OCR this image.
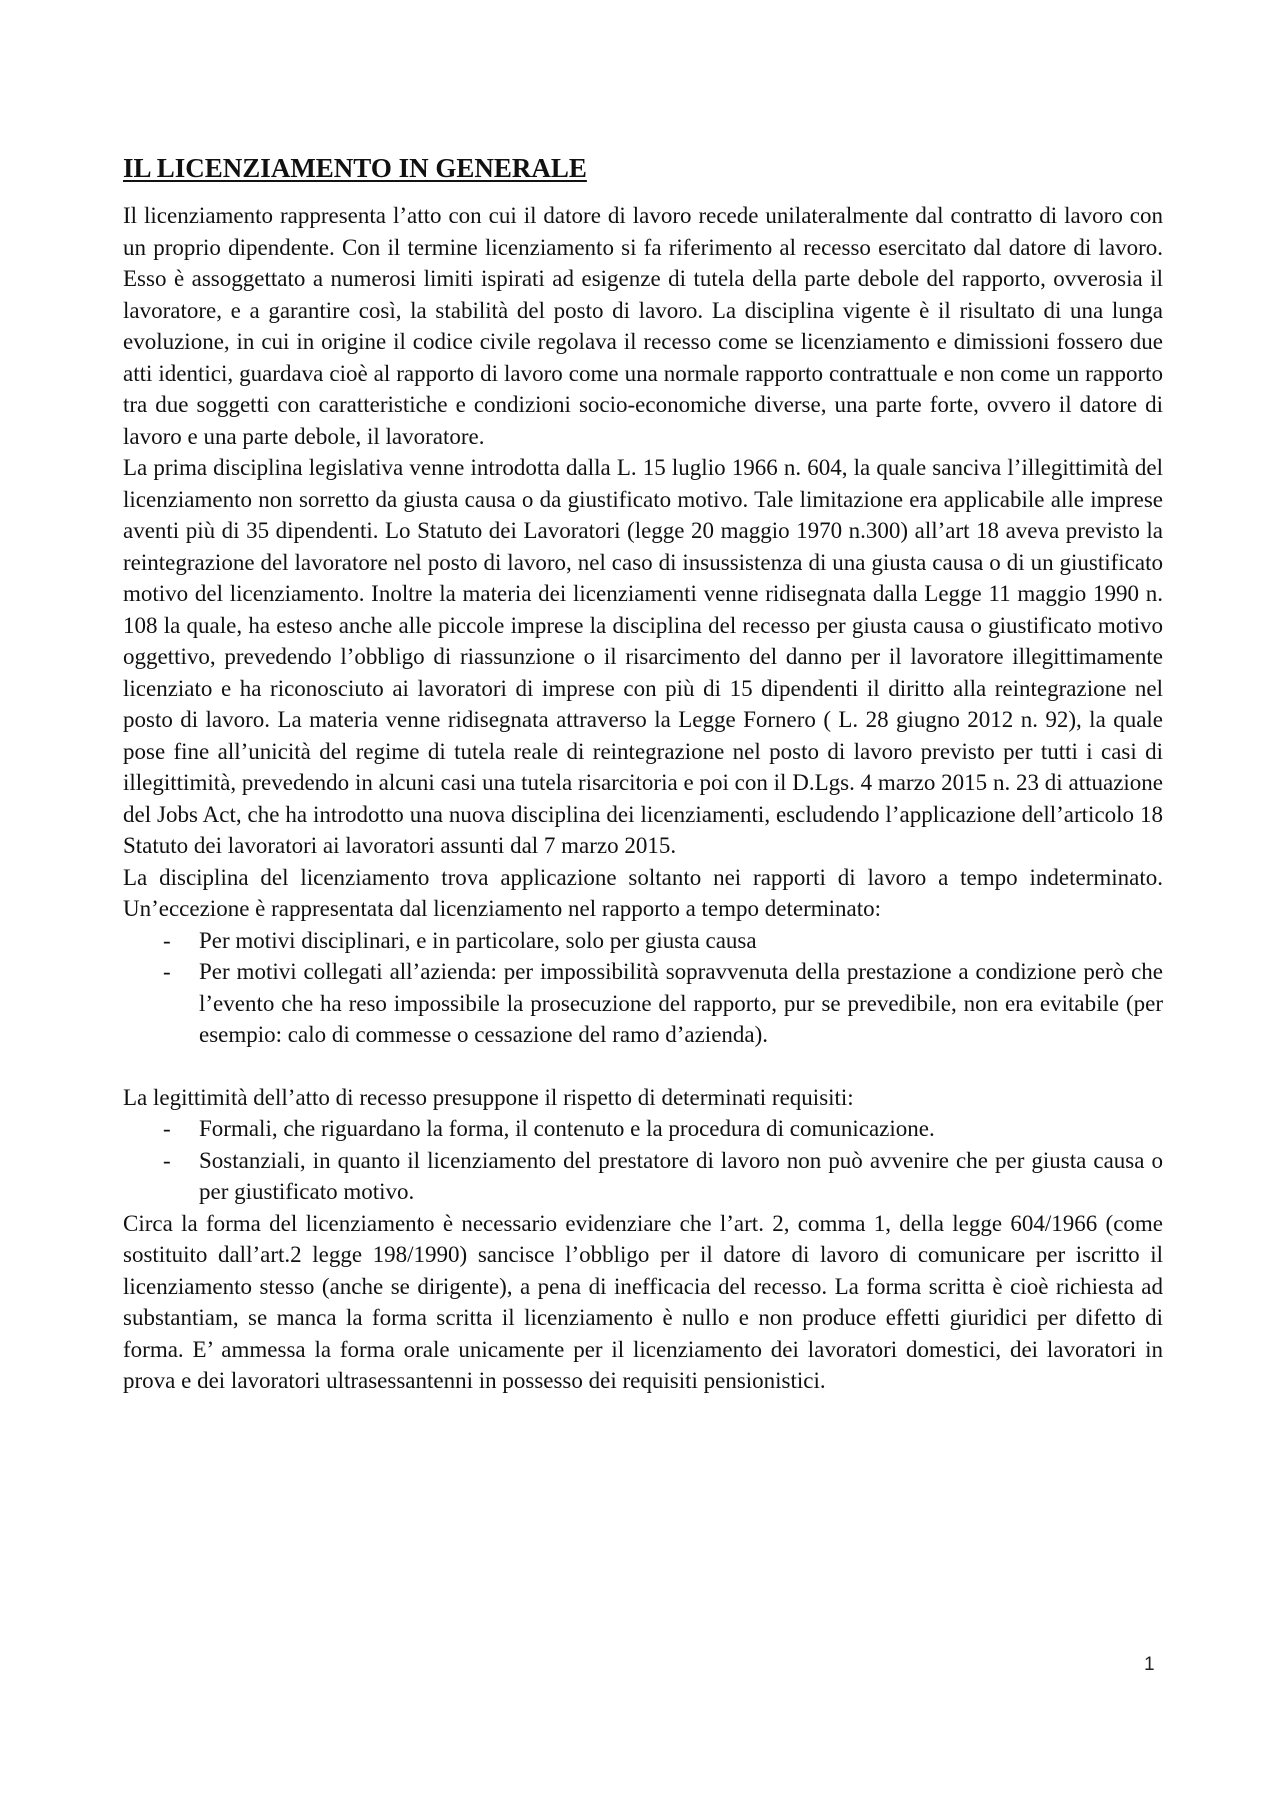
IL LICENZIAMENTO IN GENERALE

Il licenziamento rappresenta l’atto con cui il datore di lavoro recede unilateralmente dal contratto di lavoro con un proprio dipendente. Con il termine licenziamento si fa riferimento al recesso esercitato dal datore di lavoro. Esso è assoggettato a numerosi limiti ispirati ad esigenze di tutela della parte debole del rapporto, ovverosia il lavoratore, e a garantire così, la stabilità del posto di lavoro. La disciplina vigente è il risultato di una lunga evoluzione, in cui in origine il codice civile regolava il recesso come se licenziamento e dimissioni fossero due atti identici, guardava cioè al rapporto di lavoro come una normale rapporto contrattuale e non come un rapporto tra due soggetti con caratteristiche e condizioni socio-economiche diverse, una parte forte, ovvero il datore di lavoro e una parte debole, il lavoratore.

La prima disciplina legislativa venne introdotta dalla L. 15 luglio 1966 n. 604, la quale sanciva l’illegittimità del licenziamento non sorretto da giusta causa o da giustificato motivo. Tale limitazione era applicabile alle imprese aventi più di 35 dipendenti. Lo Statuto dei Lavoratori (legge 20 maggio 1970 n.300) all’art 18 aveva previsto la reintegrazione del lavoratore nel posto di lavoro, nel caso di insussistenza di una giusta causa o di un giustificato motivo del licenziamento. Inoltre la materia dei licenziamenti venne ridisegnata dalla Legge 11 maggio 1990 n. 108 la quale, ha esteso anche alle piccole imprese la disciplina del recesso per giusta causa o giustificato motivo oggettivo, prevedendo l’obbligo di riassunzione o il risarcimento del danno per il lavoratore illegittimamente licenziato e ha riconosciuto ai lavoratori di imprese con più di 15 dipendenti il diritto alla reintegrazione nel posto di lavoro. La materia venne ridisegnata attraverso la Legge Fornero ( L. 28 giugno 2012 n. 92), la quale pose fine all’unicità del regime di tutela reale di reintegrazione nel posto di lavoro previsto per tutti i casi di illegittimità, prevedendo in alcuni casi una tutela risarcitoria e poi con il D.Lgs. 4 marzo 2015 n. 23 di attuazione del Jobs Act, che ha introdotto una nuova disciplina dei licenziamenti, escludendo l’applicazione dell’articolo 18 Statuto dei lavoratori ai lavoratori assunti dal 7 marzo 2015.

La disciplina del licenziamento trova applicazione soltanto nei rapporti di lavoro a tempo indeterminato. Un’eccezione è rappresentata dal licenziamento nel rapporto a tempo determinato:

- Per motivi disciplinari, e in particolare, solo per giusta causa
- Per motivi collegati all’azienda: per impossibilità sopravvenuta della prestazione a condizione però che l’evento che ha reso impossibile la prosecuzione del rapporto, pur se prevedibile, non era evitabile (per esempio: calo di commesse o cessazione del ramo d’azienda).

La legittimità dell’atto di recesso presuppone il rispetto di determinati requisiti:

- Formali, che riguardano la forma, il contenuto e la procedura di comunicazione.
- Sostanziali, in quanto il licenziamento del prestatore di lavoro non può avvenire che per giusta causa o per giustificato motivo.

Circa la forma del licenziamento è necessario evidenziare che l’art. 2, comma 1, della legge 604/1966 (come sostituito dall’art.2 legge 198/1990) sancisce l’obbligo per il datore di lavoro di comunicare per iscritto il licenziamento stesso (anche se dirigente), a pena di inefficacia del recesso. La forma scritta è cioè richiesta ad substantiam, se manca la forma scritta il licenziamento è nullo e non produce effetti giuridici per difetto di forma. E’ ammessa la forma orale unicamente per il licenziamento dei lavoratori domestici, dei lavoratori in prova e dei lavoratori ultrasessantenni in possesso dei requisiti pensionistici.

1
